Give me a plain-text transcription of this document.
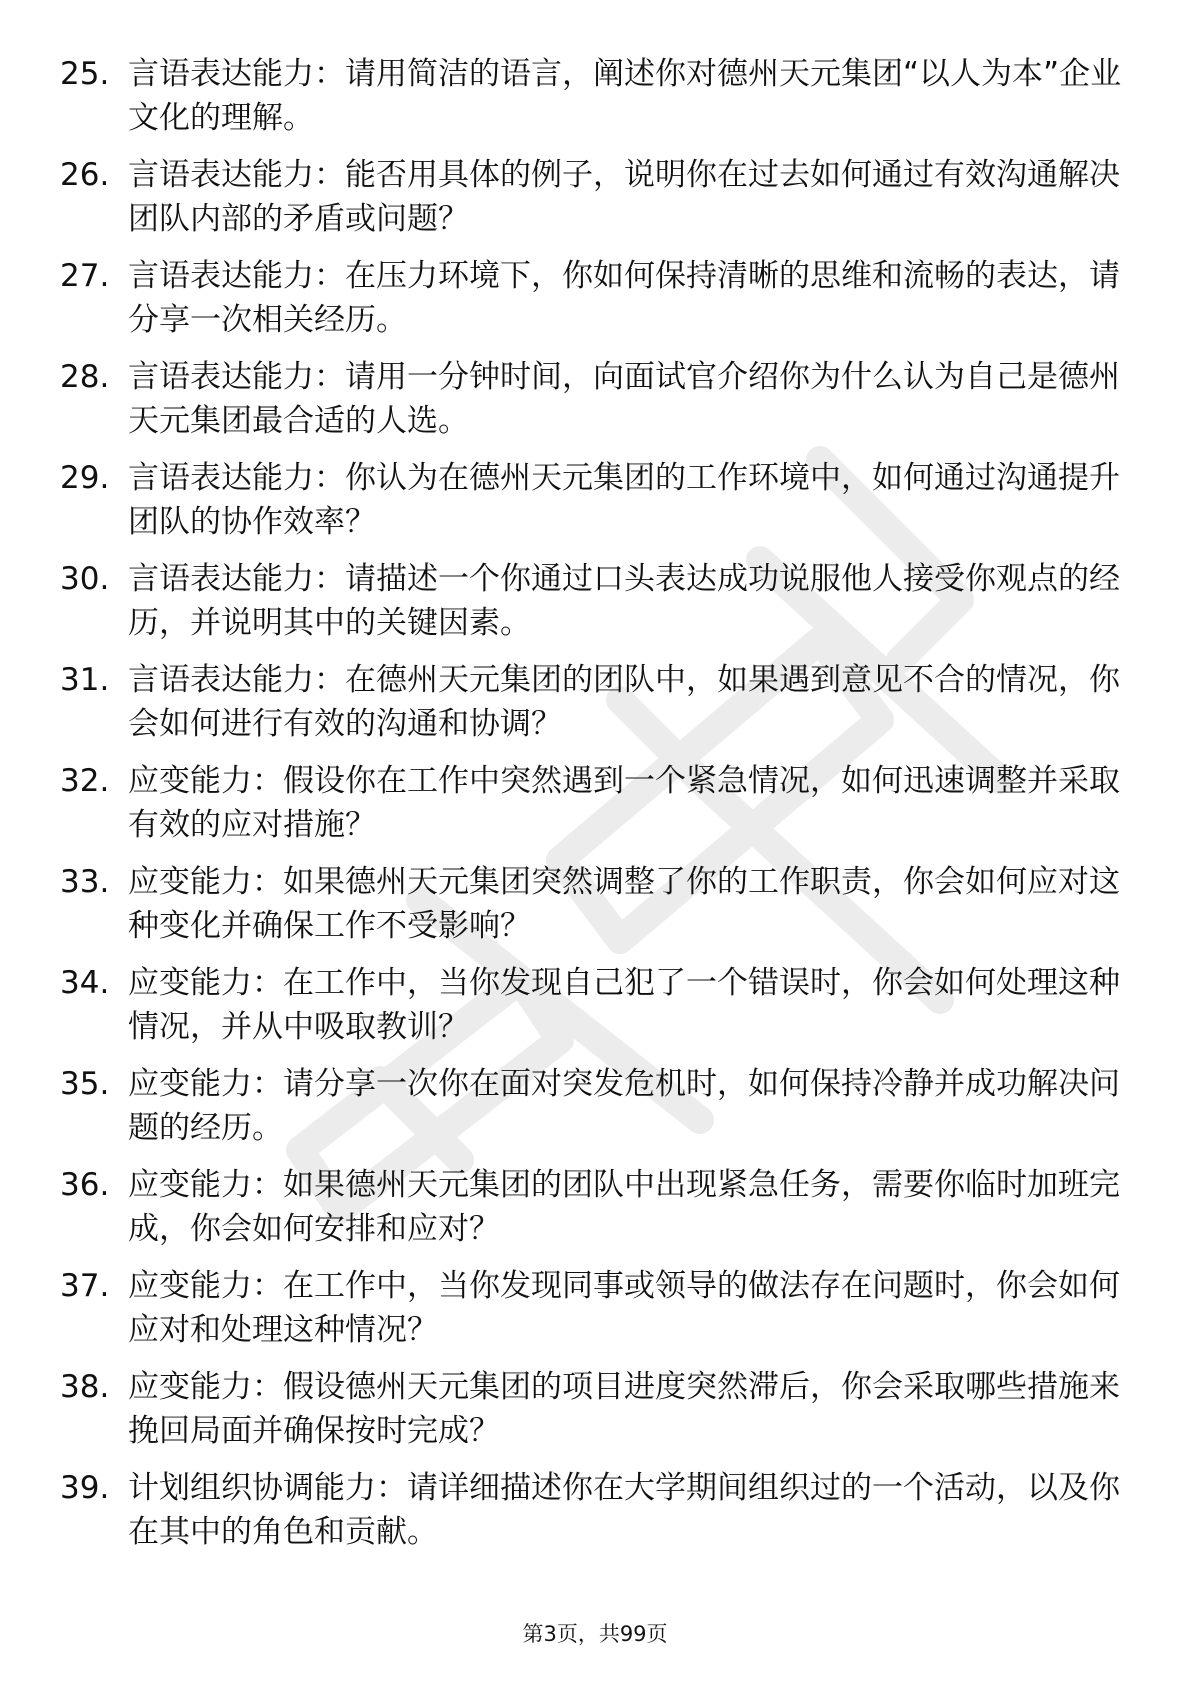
25. 言语表达能力：请用简洁的语言，阐述你对德州天元集团“以人为本”企业文化的理解。
26. 言语表达能力：能否用具体的例子，说明你在过去如何通过有效沟通解决团队内部的矛盾或问题？
27. 言语表达能力：在压力环境下，你如何保持清晰的思维和流畅的表达，请分享一次相关经历。
28. 言语表达能力：请用一分钟时间，向面试官介绍你为什么认为自己是德州天元集团最合适的人选。
29. 言语表达能力：你认为在德州天元集团的工作环境中，如何通过沟通提升团队的协作效率？
30. 言语表达能力：请描述一个你通过口头表达成功说服他人接受你观点的经历，并说明其中的关键因素。
31. 言语表达能力：在德州天元集团的团队中，如果遇到意见不合的情况，你会如何进行有效的沟通和协调？
32. 应变能力：假设你在工作中突然遇到一个紧急情况，如何迅速调整并采取有效的应对措施？
33. 应变能力：如果德州天元集团突然调整了你的工作职责，你会如何应对这种变化并确保工作不受影响？
34. 应变能力：在工作中，当你发现自己犯了一个错误时，你会如何处理这种情况，并从中吸取教训？
35. 应变能力：请分享一次你在面对突发危机时，如何保持冷静并成功解决问题的经历。
36. 应变能力：如果德州天元集团的团队中出现紧急任务，需要你临时加班完成，你会如何安排和应对？
37. 应变能力：在工作中，当你发现同事或领导的做法存在问题时，你会如何应对和处理这种情况？
38. 应变能力：假设德州天元集团的项目进度突然滞后，你会采取哪些措施来挽回局面并确保按时完成？
39. 计划组织协调能力：请详细描述你在大学期间组织过的一个活动，以及你在其中的角色和贡献。
第3页，共99页
